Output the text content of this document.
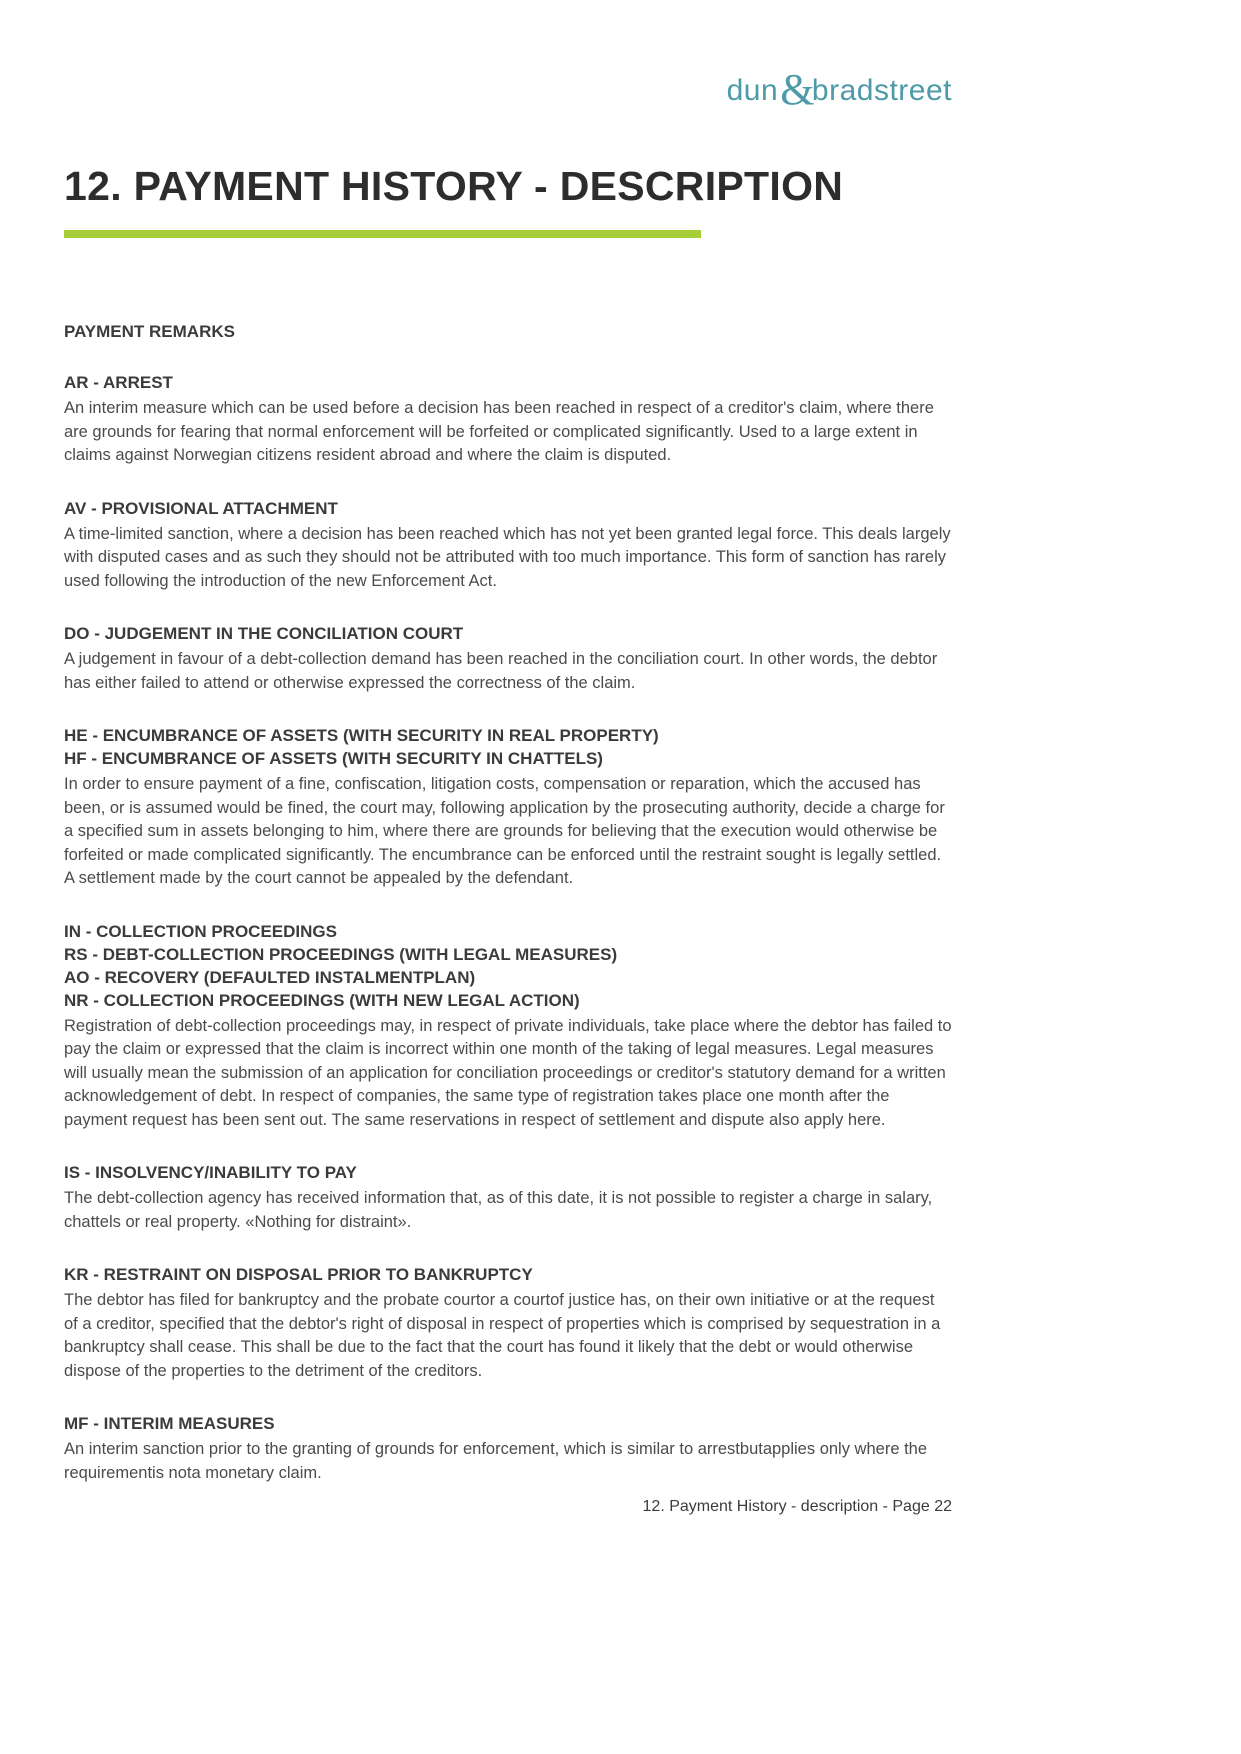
dun&bradstreet
12. PAYMENT HISTORY - DESCRIPTION
PAYMENT REMARKS
AR - ARREST

An interim measure which can be used before a decision has been reached in respect of a creditor's claim, where there are grounds for fearing that normal enforcement will be forfeited or complicated significantly. Used to a large extent in claims against Norwegian citizens resident abroad and where the claim is disputed.

AV - PROVISIONAL ATTACHMENT

A time-limited sanction, where a decision has been reached which has not yet been granted legal force. This deals largely with disputed cases and as such they should not be attributed with too much importance. This form of sanction has rarely used following the introduction of the new Enforcement Act.

DO - JUDGEMENT IN THE CONCILIATION COURT

A judgement in favour of a debt-collection demand has been reached in the conciliation court. In other words, the debtor has either failed to attend or otherwise expressed the correctness of the claim.

HE - ENCUMBRANCE OF ASSETS (WITH SECURITY IN REAL PROPERTY)
HF - ENCUMBRANCE OF ASSETS (WITH SECURITY IN CHATTELS)

In order to ensure payment of a fine, confiscation, litigation costs, compensation or reparation, which the accused has been, or is assumed would be fined, the court may, following application by the prosecuting authority, decide a charge for a specified sum in assets belonging to him, where there are grounds for believing that the execution would otherwise be forfeited or made complicated significantly. The encumbrance can be enforced until the restraint sought is legally settled. A settlement made by the court cannot be appealed by the defendant.

IN - COLLECTION PROCEEDINGS
RS - DEBT-COLLECTION PROCEEDINGS (WITH LEGAL MEASURES)
AO - RECOVERY (DEFAULTED INSTALMENTPLAN)
NR - COLLECTION PROCEEDINGS (WITH NEW LEGAL ACTION)

Registration of debt-collection proceedings may, in respect of private individuals, take place where the debtor has failed to pay the claim or expressed that the claim is incorrect within one month of the taking of legal measures. Legal measures will usually mean the submission of an application for conciliation proceedings or creditor's statutory demand for a written acknowledgement of debt. In respect of companies, the same type of registration takes place one month after the payment request has been sent out. The same reservations in respect of settlement and dispute also apply here.

IS - INSOLVENCY/INABILITY TO PAY

The debt-collection agency has received information that, as of this date, it is not possible to register a charge in salary, chattels or real property. «Nothing for distraint».

KR - RESTRAINT ON DISPOSAL PRIOR TO BANKRUPTCY

The debtor has filed for bankruptcy and the probate courtor a courtof justice has, on their own initiative or at the request of a creditor, specified that the debtor's right of disposal in respect of properties which is comprised by sequestration in a bankruptcy shall cease. This shall be due to the fact that the court has found it likely that the debt or would otherwise dispose of the properties to the detriment of the creditors.

MF - INTERIM MEASURES

An interim sanction prior to the granting of grounds for enforcement, which is similar to arrestbutapplies only where the requirementis nota monetary claim.

12. Payment History - description - Page 22
